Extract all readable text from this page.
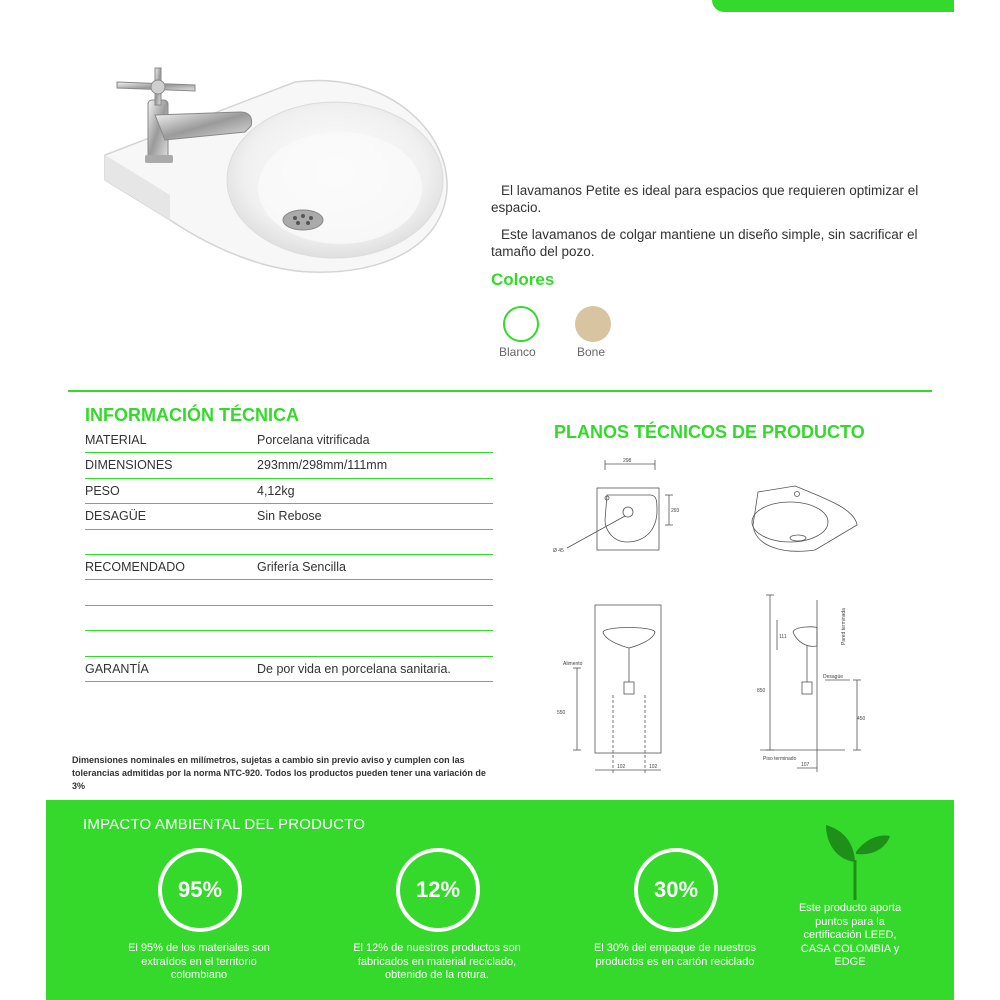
El lavamanos Petite es ideal para espacios que requieren optimizar el espacio.

Este lavamanos de colgar mantiene un diseño simple, sin sacrificar el tamaño del pozo.

Colores
Blanco	Bone
INFORMACIÓN TÉCNICA
MATERIAL	Porcelana vitrificada
DIMENSIONES	293mm/298mm/111mm
PESO	4,12kg
DESAGÜE	Sin Rebose
RECOMENDADO	Grifería Sencilla
GARANTÍA	De por vida en porcelana sanitaria.
Dimensiones nominales en milímetros, sujetas a cambio sin previo aviso y cumplen con las tolerancias admitidas por la norma NTC-920. Todos los productos pueden tener una variación de 3%
PLANOS TÉCNICOS DE PRODUCTO
298
293
Ø 45
550
102	102
Alimento
850
111
450
Desagüe
107
Piso terminado
Pared terminada
IMPACTO AMBIENTAL DEL PRODUCTO
95%
El 95% de los materiales son extraídos en el territorio colombiano
12%
El 12% de nuestros productos son fabricados en material reciclado, obtenido de la rotura.
30%
El 30% del empaque de nuestros productos es en cartón reciclado
Este producto aporta puntos para la certificación LEED, CASA COLOMBIA y EDGE
